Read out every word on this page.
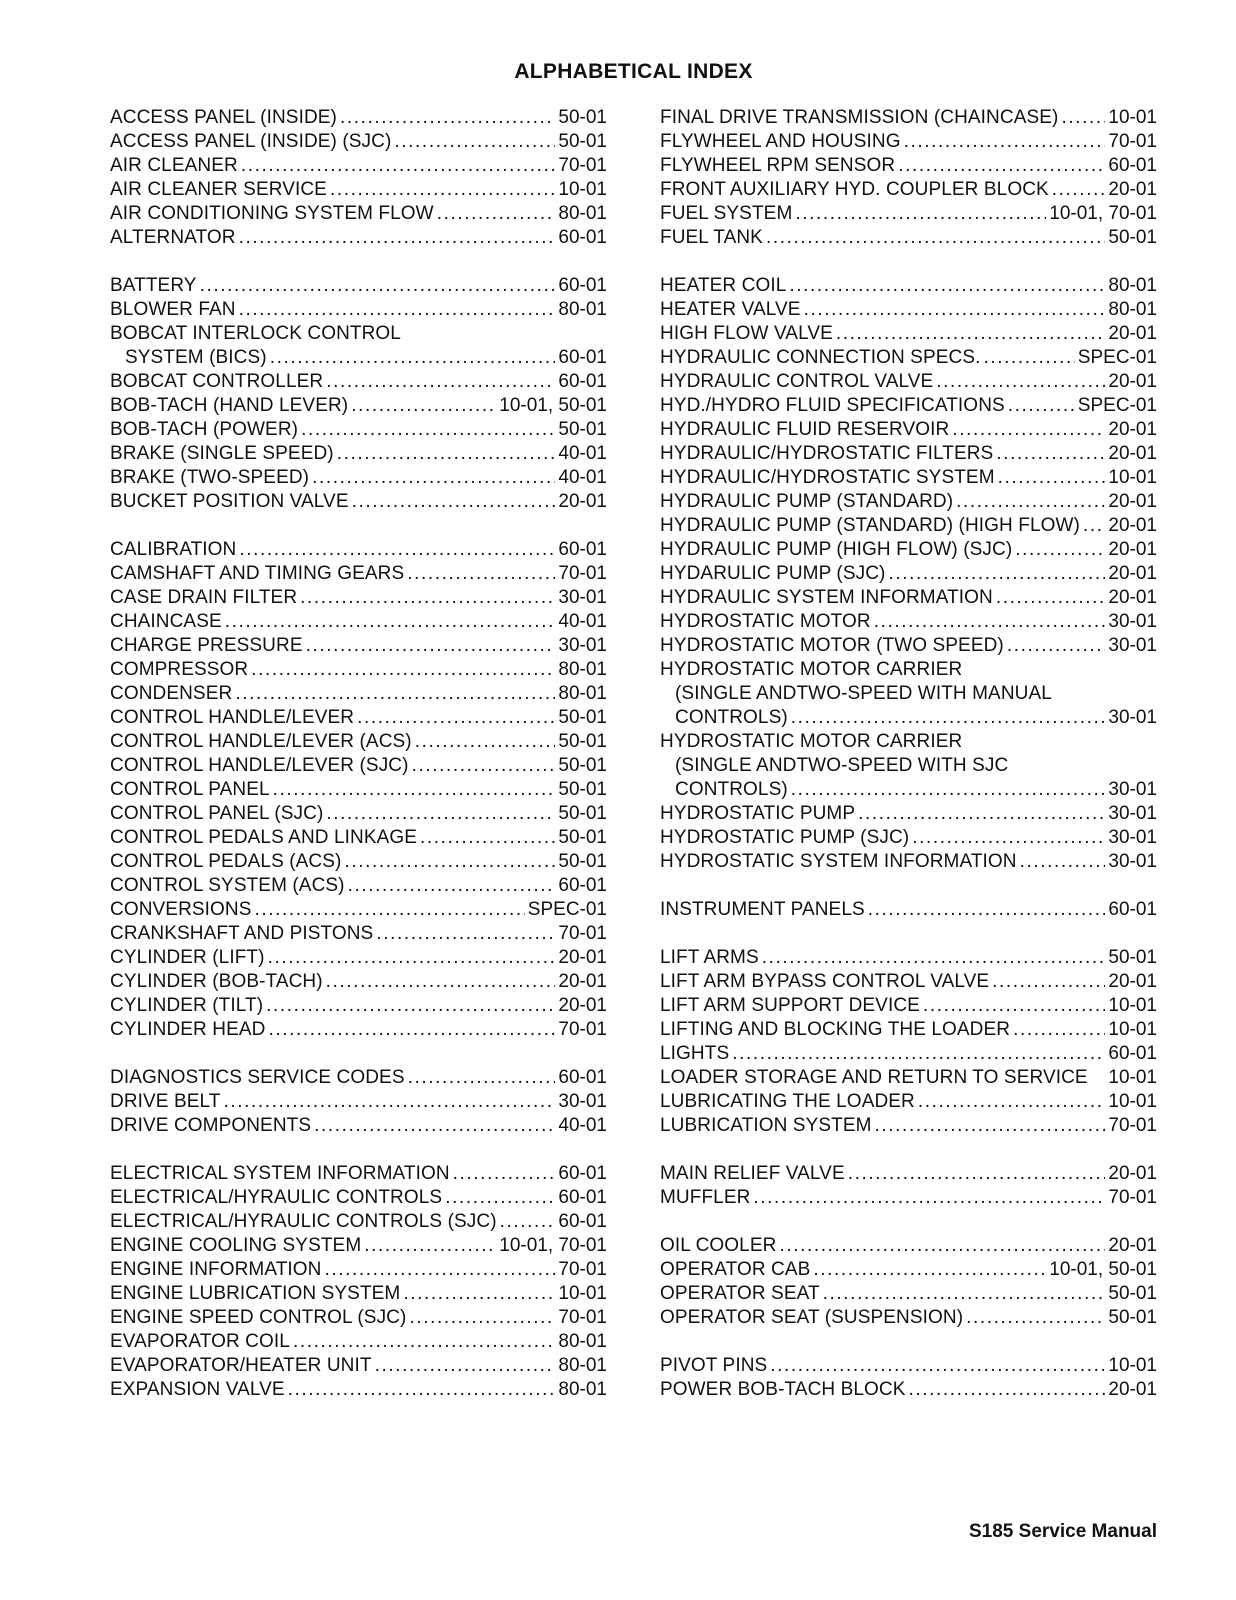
ALPHABETICAL INDEX
ACCESS PANEL (INSIDE) .....	50-01
ACCESS PANEL (INSIDE) (SJC) .....	50-01
AIR CLEANER .....	70-01
AIR CLEANER SERVICE .....	10-01
AIR CONDITIONING SYSTEM FLOW .....	80-01
ALTERNATOR .....	60-01
BATTERY .....	60-01
BLOWER FAN .....	80-01
BOBCAT INTERLOCK CONTROL
SYSTEM (BICS) .....	60-01
BOBCAT CONTROLLER .....	60-01
BOB-TACH (HAND LEVER) .....	10-01, 50-01
BOB-TACH (POWER) .....	50-01
BRAKE (SINGLE SPEED) .....	40-01
BRAKE (TWO-SPEED) .....	40-01
BUCKET POSITION VALVE .....	20-01
CALIBRATION .....	60-01
CAMSHAFT AND TIMING GEARS .....	70-01
CASE DRAIN FILTER .....	30-01
CHAINCASE .....	40-01
CHARGE PRESSURE .....	30-01
COMPRESSOR .....	80-01
CONDENSER .....	80-01
CONTROL HANDLE/LEVER .....	50-01
CONTROL HANDLE/LEVER (ACS) .....	50-01
CONTROL HANDLE/LEVER (SJC) .....	50-01
CONTROL PANEL .....	50-01
CONTROL PANEL (SJC) .....	50-01
CONTROL PEDALS AND LINKAGE .....	50-01
CONTROL PEDALS (ACS) .....	50-01
CONTROL SYSTEM (ACS) .....	60-01
CONVERSIONS .....	SPEC-01
CRANKSHAFT AND PISTONS .....	70-01
CYLINDER (LIFT) .....	20-01
CYLINDER (BOB-TACH) .....	20-01
CYLINDER (TILT) .....	20-01
CYLINDER HEAD .....	70-01
DIAGNOSTICS SERVICE CODES .....	60-01
DRIVE BELT .....	30-01
DRIVE COMPONENTS .....	40-01
ELECTRICAL SYSTEM INFORMATION .....	60-01
ELECTRICAL/HYRAULIC CONTROLS .....	60-01
ELECTRICAL/HYRAULIC CONTROLS (SJC) .....	60-01
ENGINE COOLING SYSTEM .....	10-01, 70-01
ENGINE INFORMATION .....	70-01
ENGINE LUBRICATION SYSTEM .....	10-01
ENGINE SPEED CONTROL (SJC) .....	70-01
EVAPORATOR COIL .....	80-01
EVAPORATOR/HEATER UNIT .....	80-01
EXPANSION VALVE .....	80-01
FINAL DRIVE TRANSMISSION (CHAINCASE) .....	10-01
FLYWHEEL AND HOUSING .....	70-01
FLYWHEEL RPM SENSOR .....	60-01
FRONT AUXILIARY HYD. COUPLER BLOCK .....	20-01
FUEL SYSTEM .....	10-01, 70-01
FUEL TANK .....	50-01
HEATER COIL .....	80-01
HEATER VALVE .....	80-01
HIGH FLOW VALVE .....	20-01
HYDRAULIC CONNECTION SPECS. .....	SPEC-01
HYDRAULIC CONTROL VALVE .....	20-01
HYD./HYDRO FLUID SPECIFICATIONS .....	SPEC-01
HYDRAULIC FLUID RESERVOIR .....	20-01
HYDRAULIC/HYDROSTATIC FILTERS .....	20-01
HYDRAULIC/HYDROSTATIC SYSTEM .....	10-01
HYDRAULIC PUMP (STANDARD) .....	20-01
HYDRAULIC PUMP (STANDARD) (HIGH FLOW) ..... 20-01
HYDRAULIC PUMP (HIGH FLOW) (SJC) .....	20-01
HYDARULIC PUMP (SJC) .....	20-01
HYDRAULIC SYSTEM INFORMATION .....	20-01
HYDROSTATIC MOTOR .....	30-01
HYDROSTATIC MOTOR (TWO SPEED) .....	30-01
HYDROSTATIC MOTOR CARRIER
(SINGLE ANDTWO-SPEED WITH MANUAL
CONTROLS) .....	30-01
HYDROSTATIC MOTOR CARRIER
(SINGLE ANDTWO-SPEED WITH SJC
CONTROLS) .....	30-01
HYDROSTATIC PUMP .....	30-01
HYDROSTATIC PUMP (SJC) .....	30-01
HYDROSTATIC SYSTEM INFORMATION .....	30-01
INSTRUMENT PANELS .....	60-01
LIFT ARMS .....	50-01
LIFT ARM BYPASS CONTROL VALVE .....	20-01
LIFT ARM SUPPORT DEVICE .....	10-01
LIFTING AND BLOCKING THE LOADER .....	10-01
LIGHTS .....	60-01
LOADER STORAGE AND RETURN TO SERVICE 10-01
LUBRICATING THE LOADER .....	10-01
LUBRICATION SYSTEM .....	70-01
MAIN RELIEF VALVE .....	20-01
MUFFLER .....	70-01
OIL COOLER .....	20-01
OPERATOR CAB .....	10-01, 50-01
OPERATOR SEAT .....	50-01
OPERATOR SEAT (SUSPENSION) .....	50-01
PIVOT PINS .....	10-01
POWER BOB-TACH BLOCK .....	20-01
S185 Service Manual
